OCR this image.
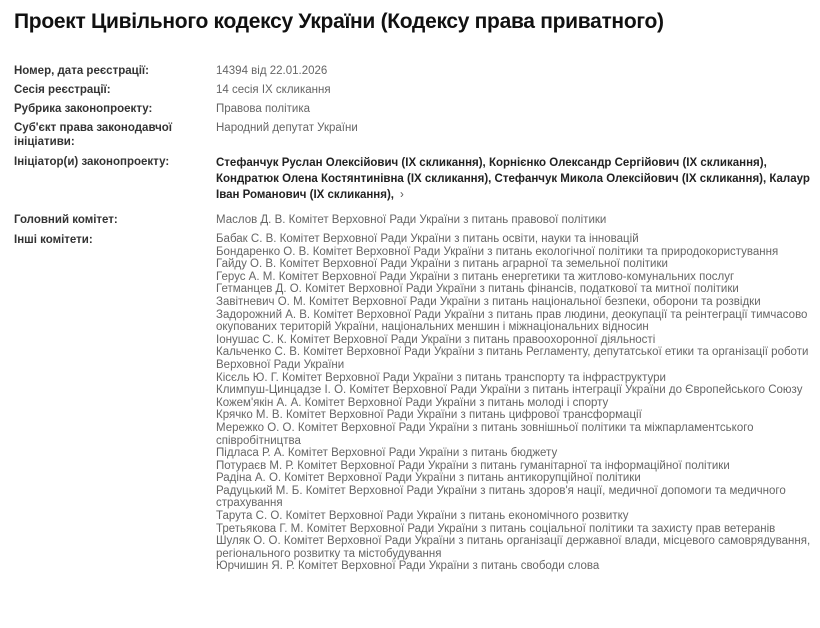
Проект Цивільного кодексу України (Кодексу права приватного)
Номер, дата реєстрації:	14394 від 22.01.2026
Сесія реєстрації:	14 сесія IX скликання
Рубрика законопроекту:	Правова політика
Суб'єкт права законодавчої ініціативи:
Народний депутат України
Ініціатор(и) законопроекту:	Стефанчук Руслан Олексійович (IX скликання), Корнієнко Олександр Сергійович (IX скликання), Кондратюк Олена Костянтинівна (IX скликання), Стефанчук Микола Олексійович (IX скликання), Калаур Іван Романович (IX скликання), ›
Головний комітет:	Маслов Д. В. Комітет Верховної Ради України з питань правової політики
Інші комітети:	Бабак С. В. Комітет Верховної Ради України з питань освіти, науки та інновацій
Бондаренко О. В. Комітет Верховної Ради України з питань екологічної політики та природокористування
Гайду О. В. Комітет Верховної Ради України з питань аграрної та земельної політики
Герус А. М. Комітет Верховної Ради України з питань енергетики та житлово-комунальних послуг
Гетманцев Д. О. Комітет Верховної Ради України з питань фінансів, податкової та митної політики
Завітневич О. М. Комітет Верховної Ради України з питань національної безпеки, оборони та розвідки
Задорожний А. В. Комітет Верховної Ради України з питань прав людини, деокупації та реінтеграції тимчасово окупованих територій України, національних меншин і міжнаціональних відносин
Іонушас С. К. Комітет Верховної Ради України з питань правоохоронної діяльності
Кальченко С. В. Комітет Верховної Ради України з питань Регламенту, депутатської етики та організації роботи Верховної Ради України
Кісєль Ю. Г. Комітет Верховної Ради України з питань транспорту та інфраструктури
Климпуш-Цинцадзе І. О. Комітет Верховної Ради України з питань інтеграції України до Європейського Союзу
Кожем'якін А. А. Комітет Верховної Ради України з питань молоді і спорту
Крячко М. В. Комітет Верховної Ради України з питань цифрової трансформації
Мережко О. О. Комітет Верховної Ради України з питань зовнішньої політики та міжпарламентського співробітництва
Підласа Р. А. Комітет Верховної Ради України з питань бюджету
Потураєв М. Р. Комітет Верховної Ради України з питань гуманітарної та інформаційної політики
Радіна А. О. Комітет Верховної Ради України з питань антикорупційної політики
Радуцький М. Б. Комітет Верховної Ради України з питань здоров'я нації, медичної допомоги та медичного страхування
Тарута С. О. Комітет Верховної Ради України з питань економічного розвитку
Третьякова Г. М. Комітет Верховної Ради України з питань соціальної політики та захисту прав ветеранів
Шуляк О. О. Комітет Верховної Ради України з питань організації державної влади, місцевого самоврядування, регіонального розвитку та містобудування
Юрчишин Я. Р. Комітет Верховної Ради України з питань свободи слова
